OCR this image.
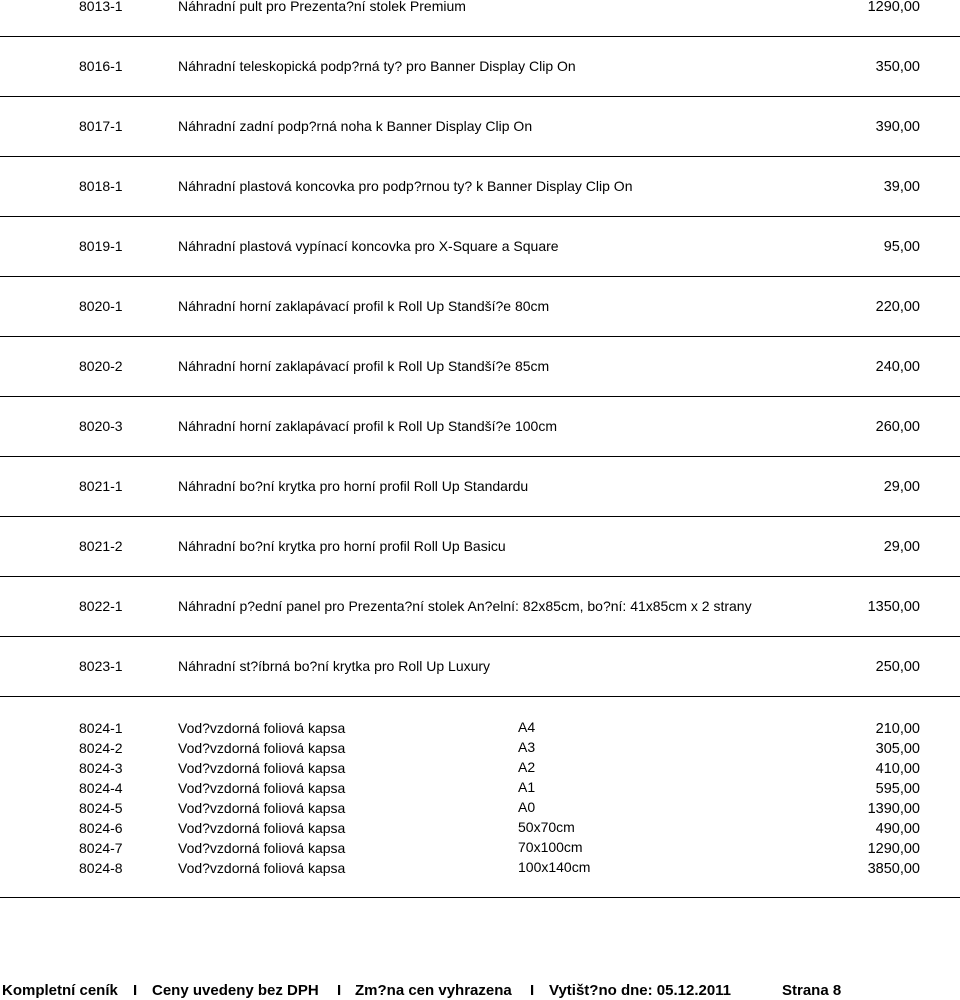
8013-1	Náhradní pult pro Prezenta?ní stolek Premium	1290,00
8016-1	Náhradní teleskopická podp?rná ty? pro Banner Display Clip On	350,00
8017-1	Náhradní zadní podp?rná noha k Banner Display Clip On	390,00
8018-1	Náhradní plastová koncovka pro podp?rnou ty? k Banner Display Clip On	39,00
8019-1	Náhradní plastová vypínací koncovka pro X-Square a Square	95,00
8020-1	Náhradní horní zaklapávací profil k Roll Up Standší?e 80cm	220,00
8020-2	Náhradní horní zaklapávací profil k Roll Up Standší?e 85cm	240,00
8020-3	Náhradní horní zaklapávací profil k Roll Up Standší?e 100cm	260,00
8021-1	Náhradní bo?ní krytka pro horní profil Roll Up Standardu	29,00
8021-2	Náhradní bo?ní krytka pro horní profil Roll Up Basicu	29,00
8022-1	Náhradní p?ední panel pro Prezenta?ní stolek An?elní: 82x85cm, bo?ní: 41x85cm x 2 strany	1350,00
8023-1	Náhradní st?íbrná bo?ní krytka pro Roll Up Luxury	250,00
8024-1	Vod?vzdorná foliová kapsa	A4	210,00
8024-2	Vod?vzdorná foliová kapsa	A3	305,00
8024-3	Vod?vzdorná foliová kapsa	A2	410,00
8024-4	Vod?vzdorná foliová kapsa	A1	595,00
8024-5	Vod?vzdorná foliová kapsa	A0	1390,00
8024-6	Vod?vzdorná foliová kapsa	50x70cm	490,00
8024-7	Vod?vzdorná foliová kapsa	70x100cm	1290,00
8024-8	Vod?vzdorná foliová kapsa	100x140cm	3850,00
Kompletní ceník I Ceny uvedeny bez DPH I Zm?na cen vyhrazena I Vytišt?no dne: 05.12.2011	Strana 8
